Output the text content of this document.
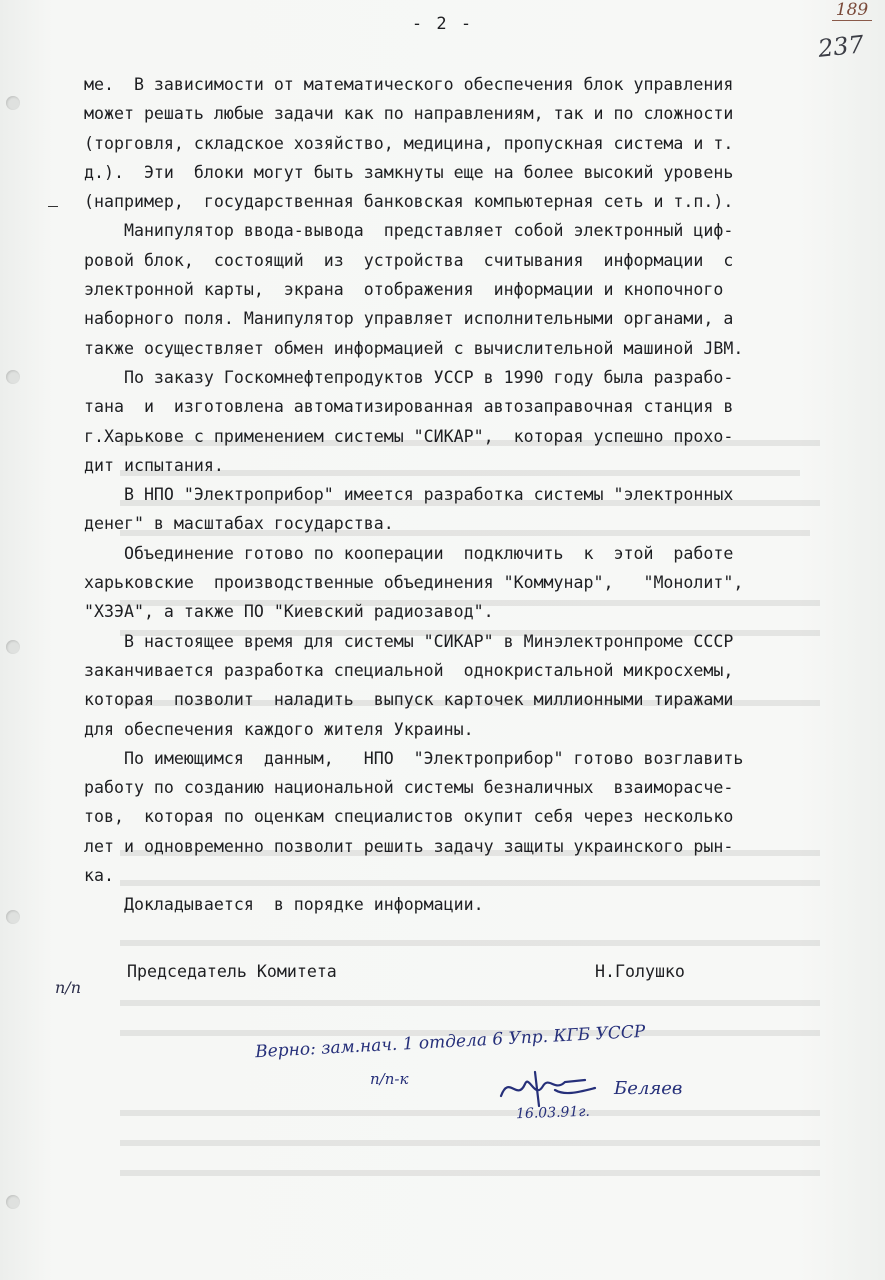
- 2 -
189
237
ме.  В зависимости от математического обеспечения блок управления
может решать любые задачи как по направлениям, так и по сложности
(торговля, складское хозяйство, медицина, пропускная система и т.
д.).  Эти  блоки могут быть замкнуты еще на более высокий уровень
(например,  государственная банковская компьютерная сеть и т.п.).
Манипулятор ввода-вывода  представляет собой электронный циф-
ровой блок,  состоящий  из  устройства  считывания  информации  с
электронной карты,  экрана  отображения  информации и кнопочного
наборного поля. Манипулятор управляет исполнительными органами, а
также осуществляет обмен информацией с вычислительной машиной JBM.
По заказу Госкомнефтепродуктов УССР в 1990 году была разрабо-
тана  и  изготовлена автоматизированная автозаправочная станция в
г.Харькове с применением системы "СИКАР",  которая успешно прохо-
дит испытания.
В НПО "Электроприбор" имеется разработка системы "электронных
денег" в масштабах государства.
Объединение готово по кооперации  подключить  к  этой  работе
харьковские  производственные объединения "Коммунар",   "Монолит",
"ХЗЭА", а также ПО "Киевский радиозавод".
В настоящее время для системы "СИКАР" в Минэлектронпроме СССР
заканчивается разработка специальной  однокристальной микросхемы,
которая  позволит  наладить  выпуск карточек миллионными тиражами
для обеспечения каждого жителя Украины.
По имеющимся  данным,   НПО  "Электроприбор" готово возглавить
работу по созданию национальной системы безналичных  взаиморасче-
тов,  которая по оценкам специалистов окупит себя через несколько
лет и одновременно позволит решить задачу защиты украинского рын-
ка.
Докладывается  в порядке информации.
п/п
Председатель Комитета	Н.Голушко
Верно: зам.нач. 1 отдела 6 Упр. КГБ УССР
п/п-к	Беляев
16.03.91г.
